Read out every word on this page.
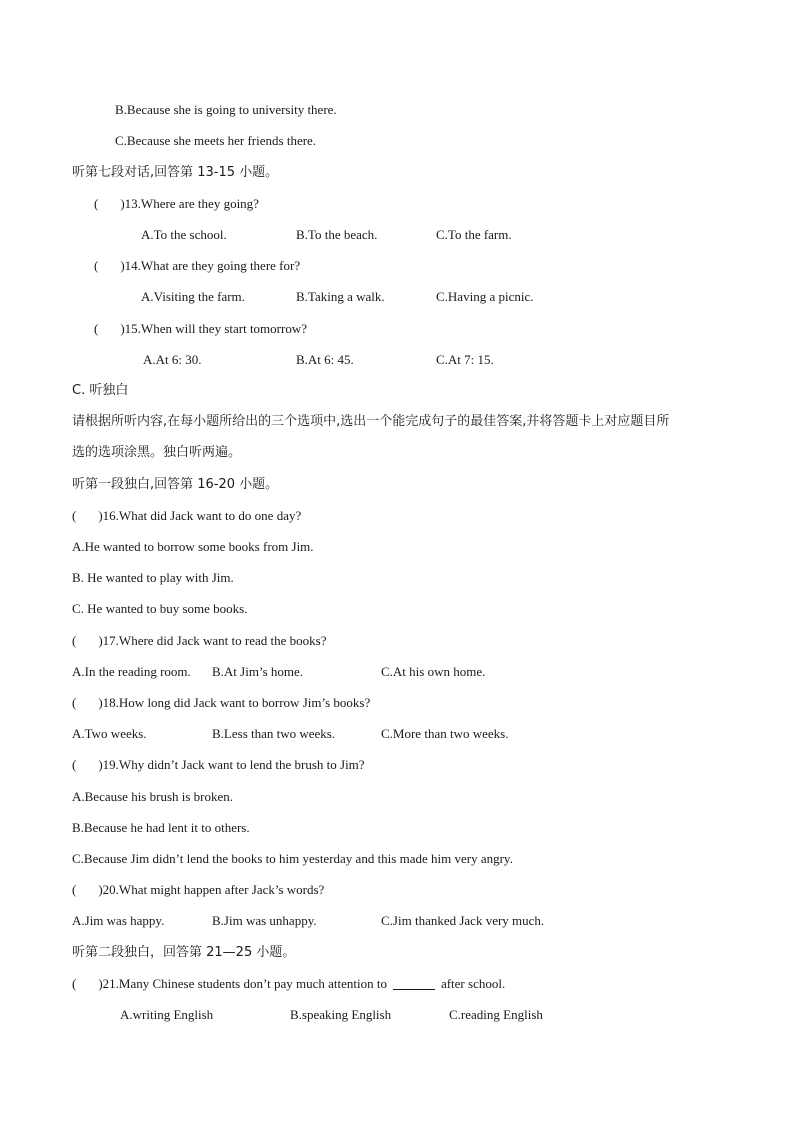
B.Because she is going to university there.
C.Because she meets her friends there.
听第七段对话,回答第 13-15 小题。
( )13.Where are they going?
A.To the school.	B.To the beach.	C.To the farm.
( )14.What are they going there for?
A.Visiting the farm.	B.Taking a walk.	C.Having a picnic.
( )15.When will they start tomorrow?
A.At 6: 30.	B.At 6: 45.	C.At 7: 15.
C. 听独白
请根据所听内容,在每小题所给出的三个选项中,选出一个能完成句子的最佳答案,并将答题卡上对应题目所
选的选项涂黑。独白听两遍。
听第一段独白,回答第 16-20 小题。
( )16.What did Jack want to do one day?
A.He wanted to borrow some books from Jim.
B. He wanted to play with Jim.
C. He wanted to buy some books.
( )17.Where did Jack want to read the books?
A.In the reading room. B.At Jim’s home.	C.At his own home.
( )18.How long did Jack want to borrow Jim’s books?
A.Two weeks.	B.Less than two weeks.	C.More than two weeks.
( )19.Why didn’t Jack want to lend the brush to Jim?
A.Because his brush is broken.
B.Because he had lent it to others.
C.Because Jim didn’t lend the books to him yesterday and this made him very angry.
( )20.What might happen after Jack’s words?
A.Jim was happy.	B.Jim was unhappy.	C.Jim thanked Jack very much.
听第二段独白，回答第 21—25 小题。
( )21.Many Chinese students don’t pay much attention to	after school.
A.writing English	B.speaking English	C.reading English
